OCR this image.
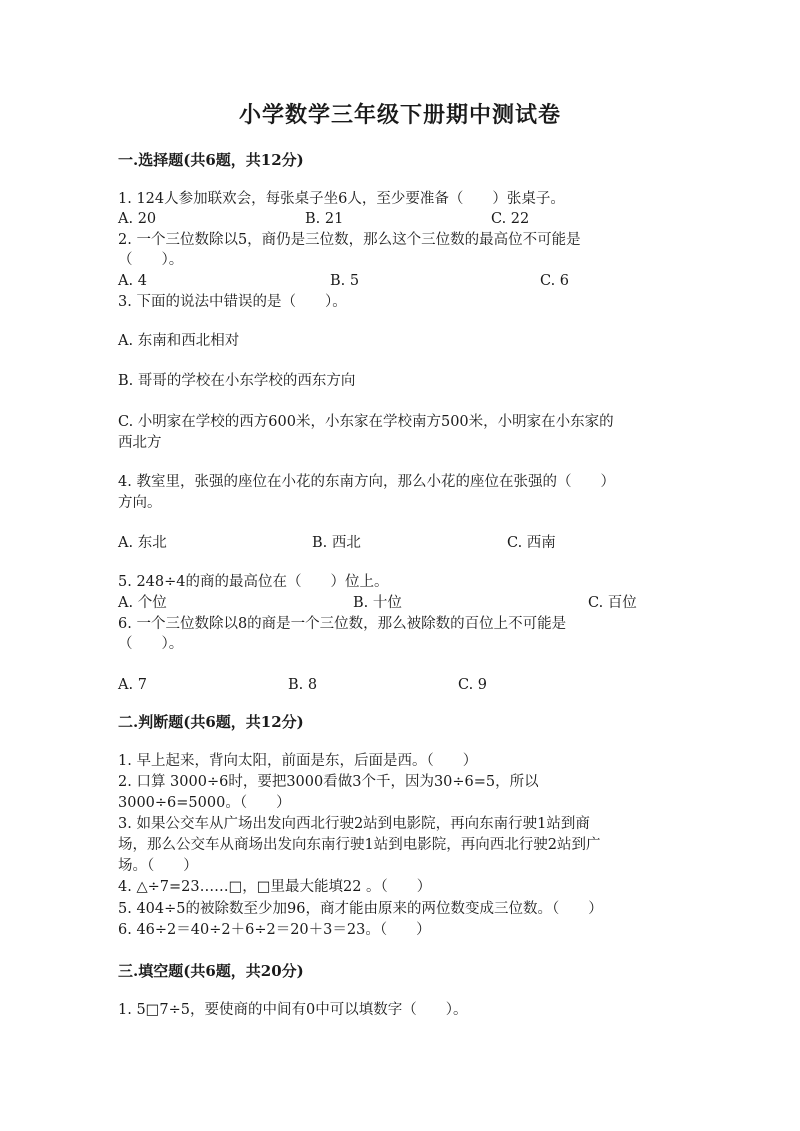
小学数学三年级下册期中测试卷
一.选择题(共6题，共12分)
1. 124人参加联欢会，每张桌子坐6人，至少要准备（　　）张桌子。
A. 20	B. 21	C. 22
2. 一个三位数除以5，商仍是三位数，那么这个三位数的最高位不可能是
（　　）。
A. 4	B. 5	C. 6
3. 下面的说法中错误的是（　　）。
A. 东南和西北相对
B. 哥哥的学校在小东学校的西东方向
C. 小明家在学校的西方600米，小东家在学校南方500米，小明家在小东家的
西北方
4. 教室里，张强的座位在小花的东南方向，那么小花的座位在张强的（　　）
方向。
A. 东北	B. 西北	C. 西南
5. 248÷4的商的最高位在（　　）位上。
A. 个位	B. 十位	C. 百位
6. 一个三位数除以8的商是一个三位数，那么被除数的百位上不可能是
（　　）。
A. 7	B. 8	C. 9
二.判断题(共6题，共12分)
1. 早上起来，背向太阳，前面是东，后面是西。（　　）
2. 口算 3000÷6时，要把3000看做3个千，因为30÷6=5，所以
3000÷6=5000。（　　）
3. 如果公交车从广场出发向西北行驶2站到电影院，再向东南行驶1站到商
场，那么公交车从商场出发向东南行驶1站到电影院，再向西北行驶2站到广
场。（　　）
4. △÷7=23……□，□里最大能填22 。（　　）
5. 404÷5的被除数至少加96，商才能由原来的两位数变成三位数。（　　）
6. 46÷2＝40÷2＋6÷2＝20＋3＝23。（　　）
三.填空题(共6题，共20分)
1. 5□7÷5，要使商的中间有0中可以填数字（　　）。
